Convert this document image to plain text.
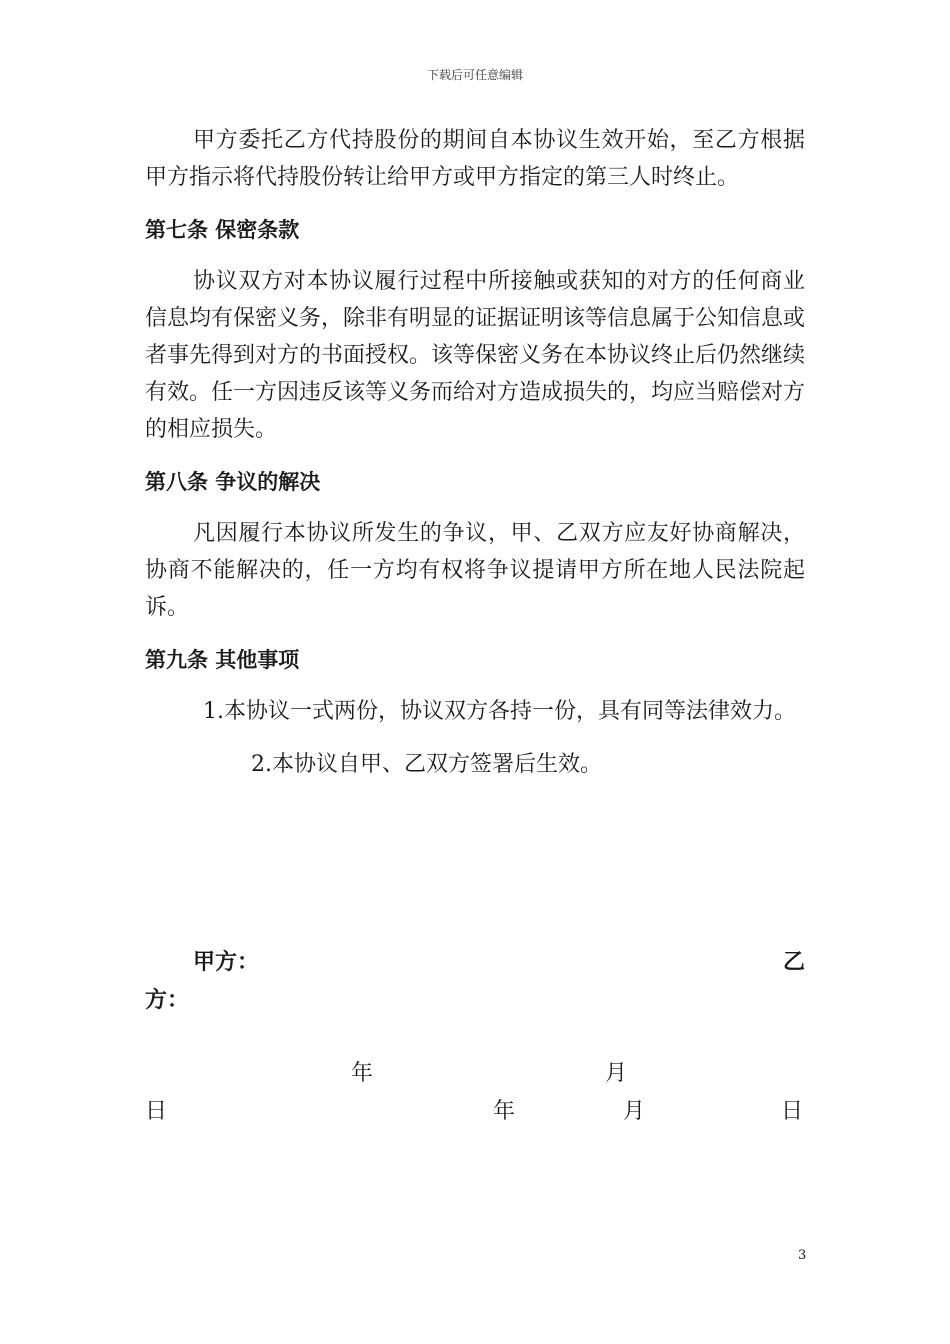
下载后可任意编辑

甲方委托乙方代持股份的期间自本协议生效开始，至乙方根据甲方指示将代持股份转让给甲方或甲方指定的第三人时终止。

第七条 保密条款

协议双方对本协议履行过程中所接触或获知的对方的任何商业信息均有保密义务，除非有明显的证据证明该等信息属于公知信息或者事先得到对方的书面授权。该等保密义务在本协议终止后仍然继续有效。任一方因违反该等义务而给对方造成损失的，均应当赔偿对方的相应损失。

第八条 争议的解决

凡因履行本协议所发生的争议，甲、乙双方应友好协商解决，协商不能解决的，任一方均有权将争议提请甲方所在地人民法院起诉。

第九条 其他事项

1.本协议一式两份，协议双方各持一份，具有同等法律效力。

2.本协议自甲、乙双方签署后生效。

甲方：	乙
方：
年	月
日	年	月	日
3
